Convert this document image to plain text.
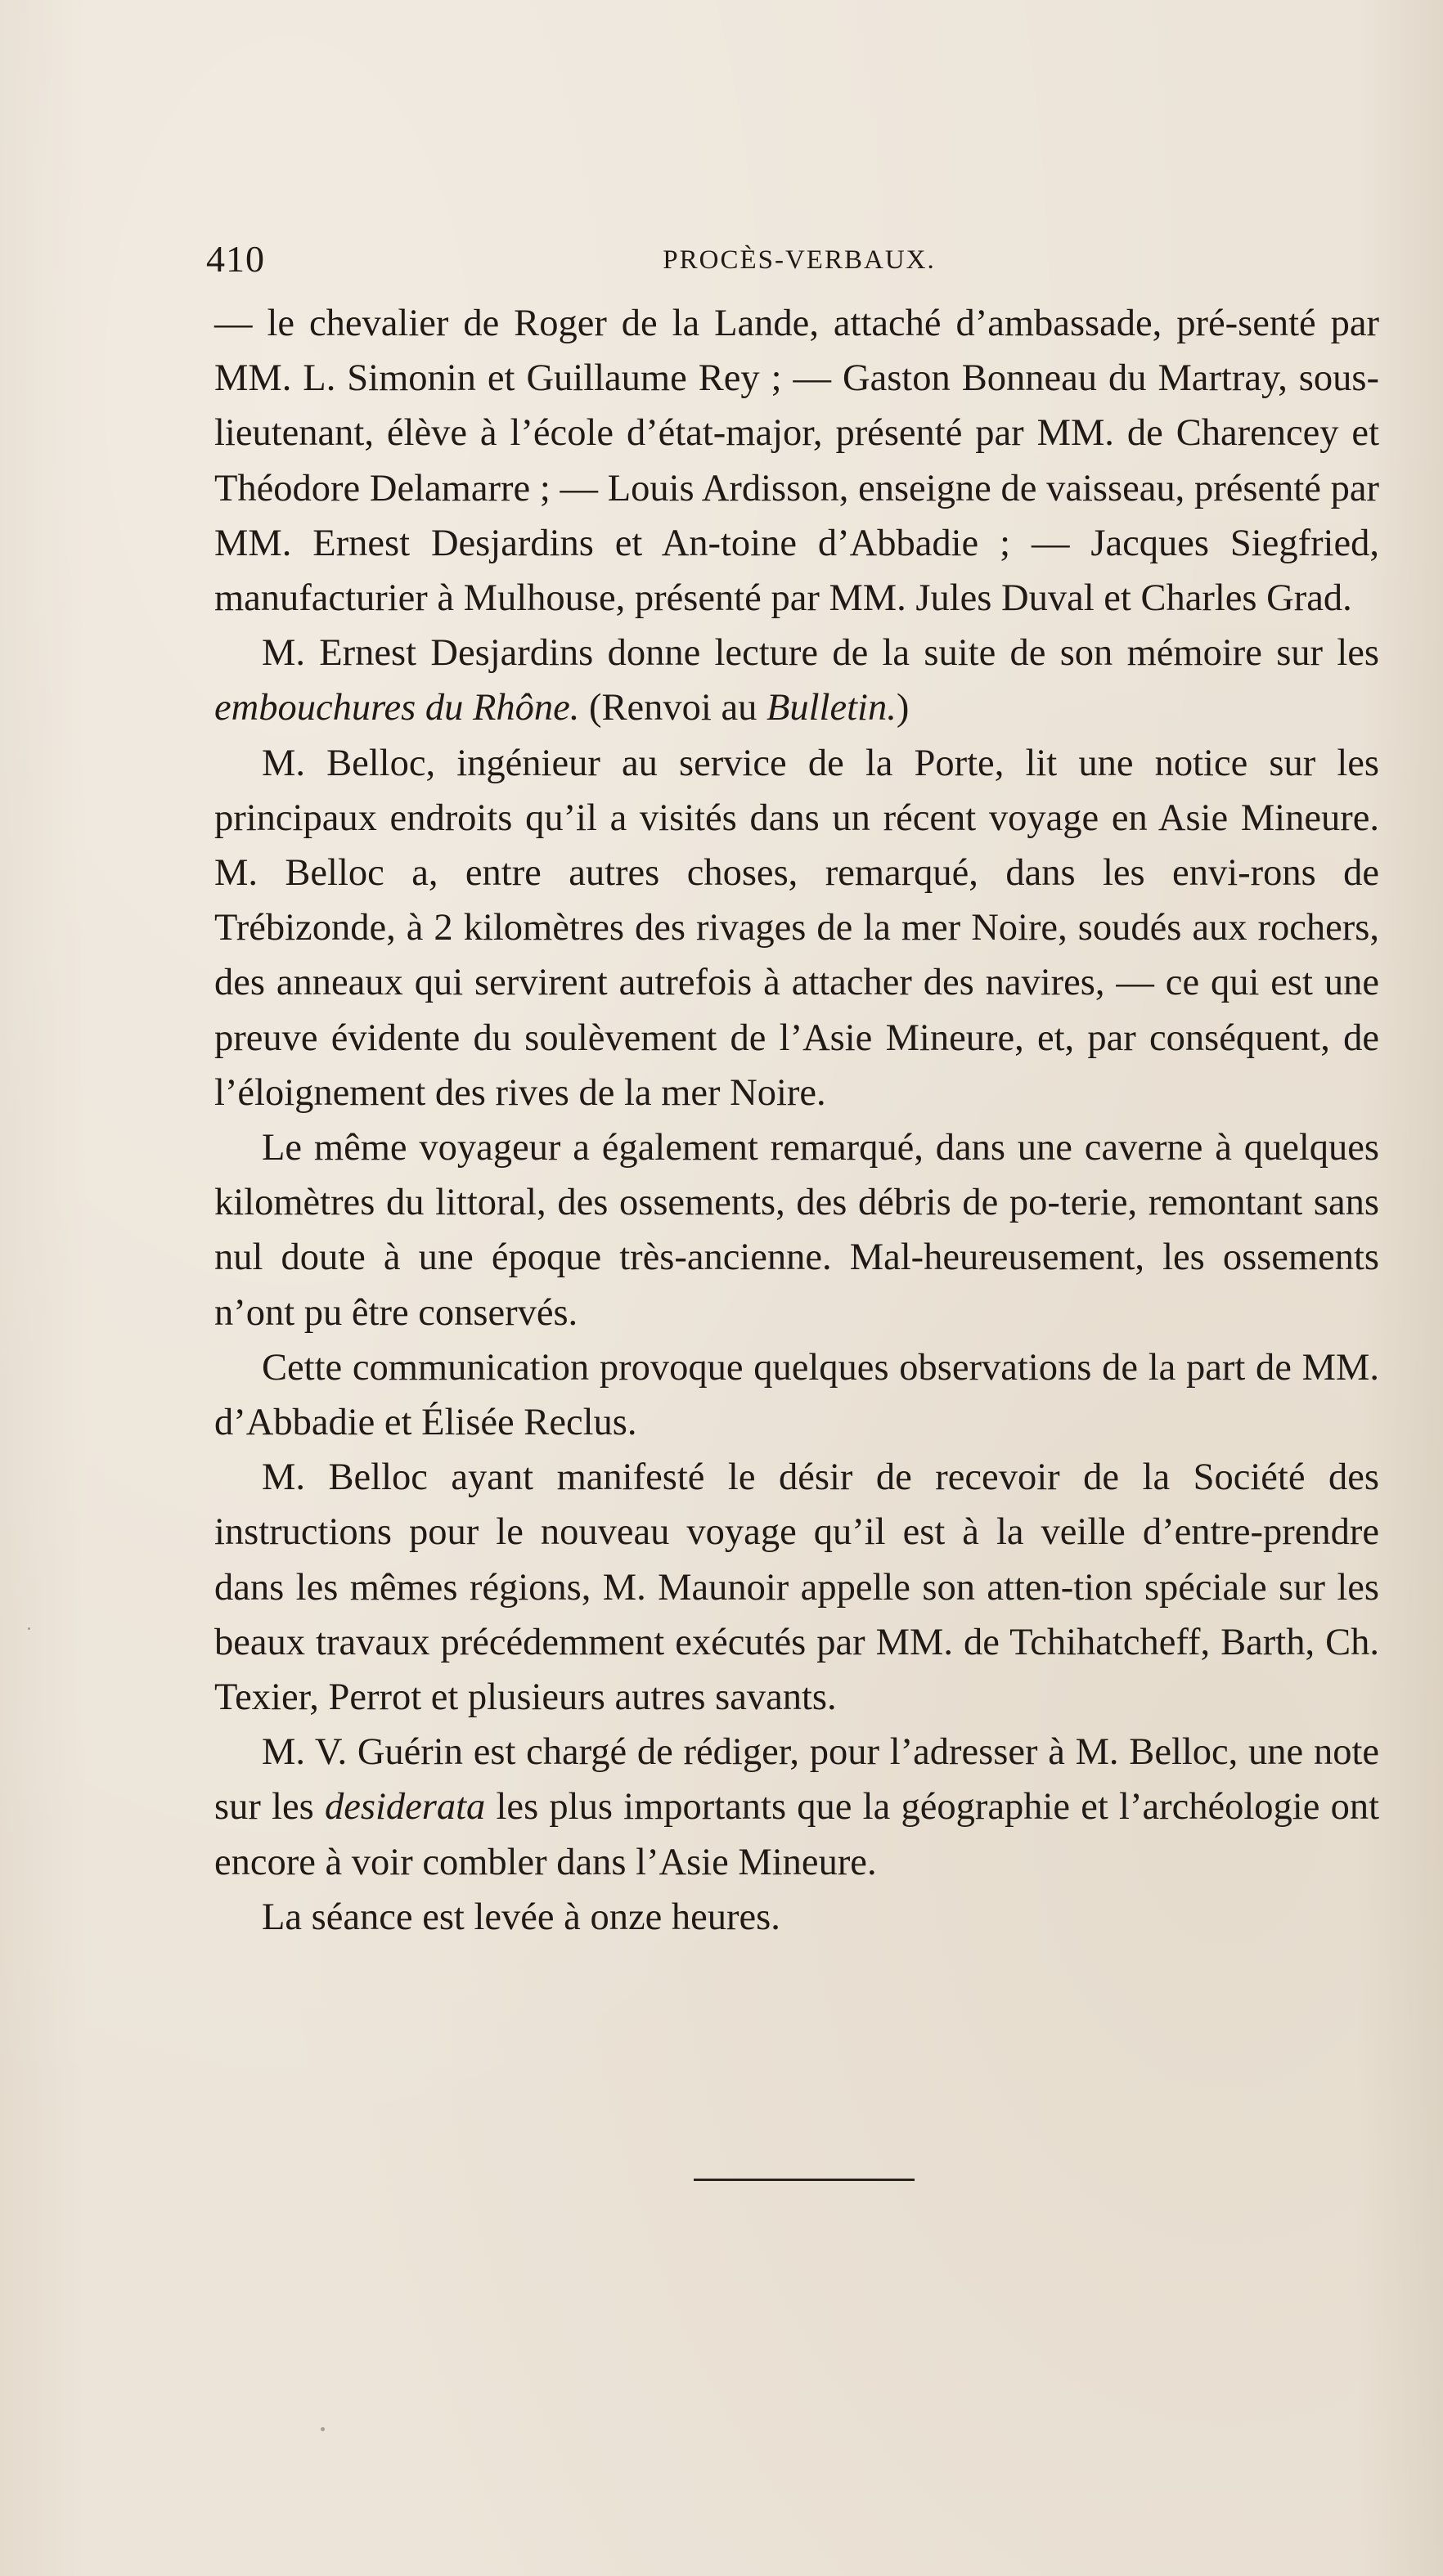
410	PROCÈS-VERBAUX.

— le chevalier de Roger de la Lande, attaché d’ambassade, pré-senté par MM. L. Simonin et Guillaume Rey ; — Gaston Bonneau du Martray, sous-lieutenant, élève à l’école d’état-major, présenté par MM. de Charencey et Théodore Delamarre ; — Louis Ardisson, enseigne de vaisseau, présenté par MM. Ernest Desjardins et An-toine d’Abbadie ; — Jacques Siegfried, manufacturier à Mulhouse, présenté par MM. Jules Duval et Charles Grad.

M. Ernest Desjardins donne lecture de la suite de son mémoire sur les embouchures du Rhône. (Renvoi au Bulletin.)

M. Belloc, ingénieur au service de la Porte, lit une notice sur les principaux endroits qu’il a visités dans un récent voyage en Asie Mineure. M. Belloc a, entre autres choses, remarqué, dans les envi-rons de Trébizonde, à 2 kilomètres des rivages de la mer Noire, soudés aux rochers, des anneaux qui servirent autrefois à attacher des navires, — ce qui est une preuve évidente du soulèvement de l’Asie Mineure, et, par conséquent, de l’éloignement des rives de la mer Noire.

Le même voyageur a également remarqué, dans une caverne à quelques kilomètres du littoral, des ossements, des débris de po-terie, remontant sans nul doute à une époque très-ancienne. Mal-heureusement, les ossements n’ont pu être conservés.

Cette communication provoque quelques observations de la part de MM. d’Abbadie et Élisée Reclus.

M. Belloc ayant manifesté le désir de recevoir de la Société des instructions pour le nouveau voyage qu’il est à la veille d’entre-prendre dans les mêmes régions, M. Maunoir appelle son atten-tion spéciale sur les beaux travaux précédemment exécutés par MM. de Tchihatcheff, Barth, Ch. Texier, Perrot et plusieurs autres savants.

M. V. Guérin est chargé de rédiger, pour l’adresser à M. Belloc, une note sur les desiderata les plus importants que la géographie et l’archéologie ont encore à voir combler dans l’Asie Mineure.

La séance est levée à onze heures.
